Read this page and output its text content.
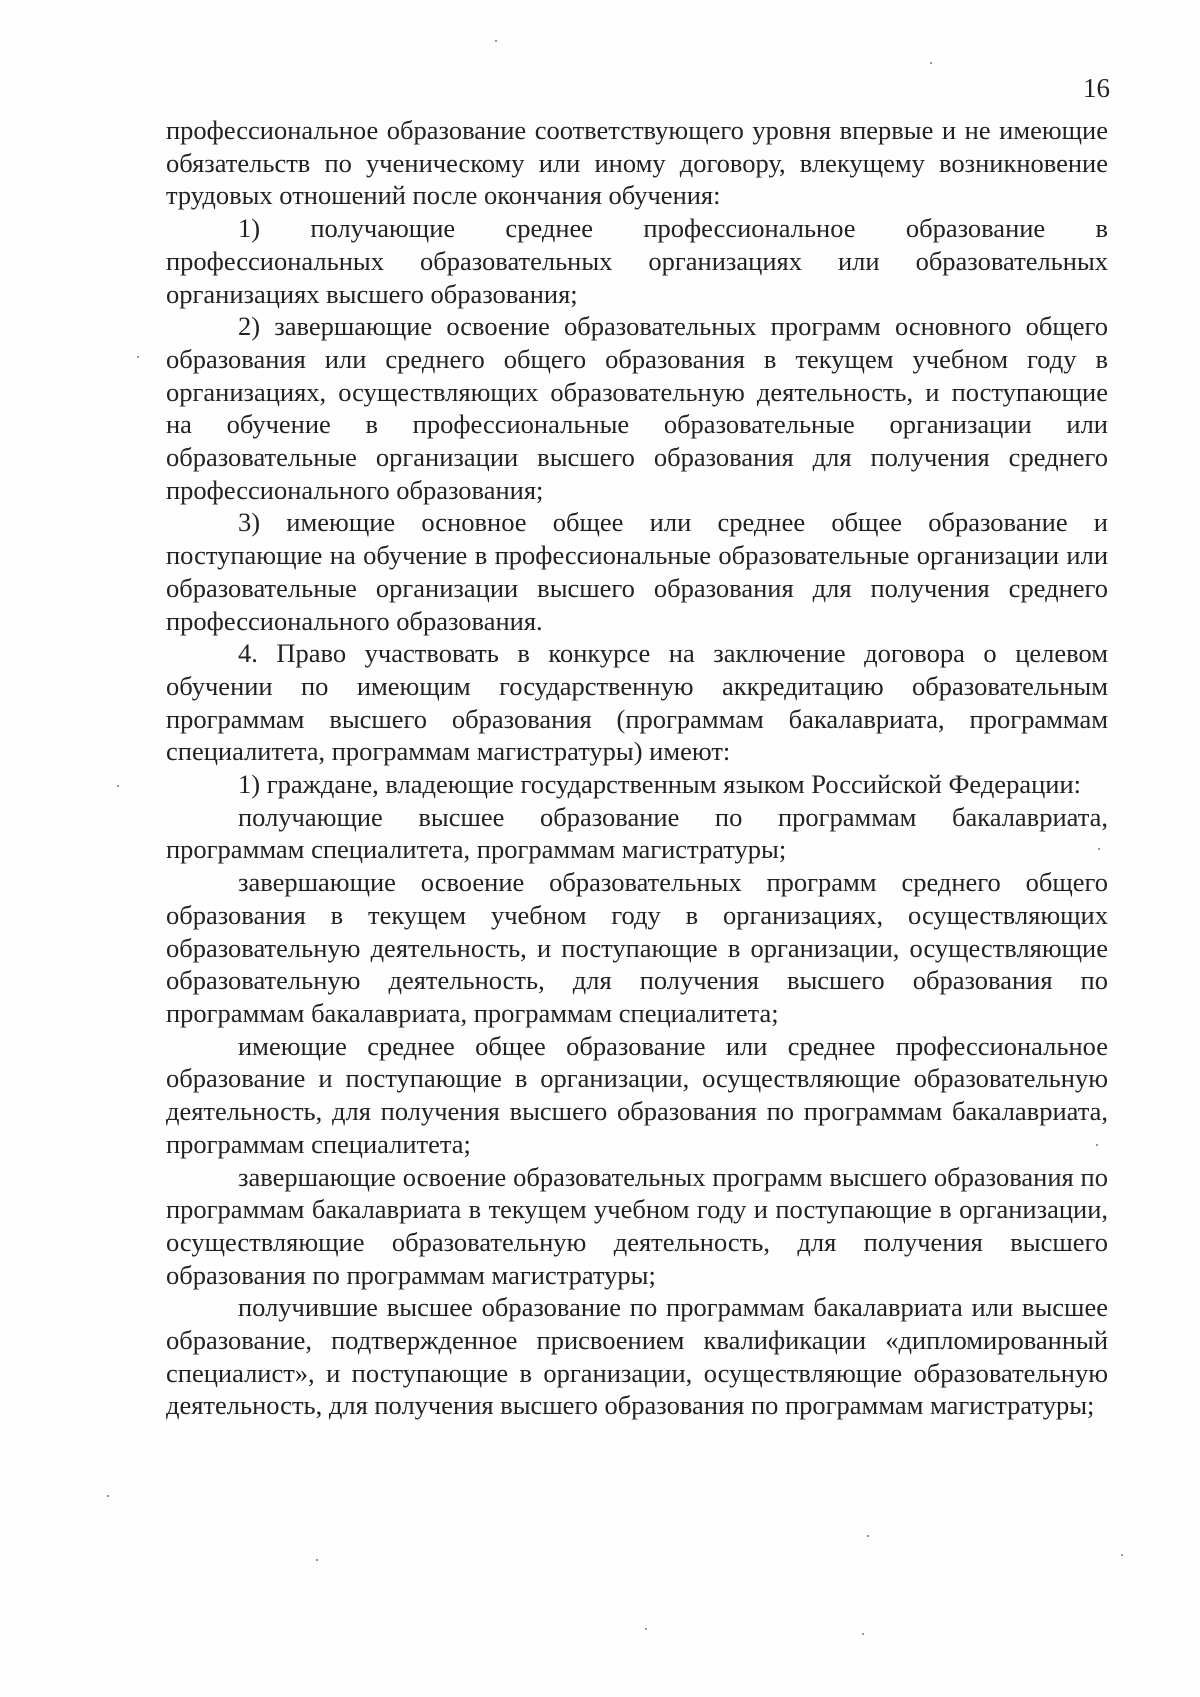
16

профессиональное образование соответствующего уровня впервые и не имеющие обязательств по ученическому или иному договору, влекущему возникновение трудовых отношений после окончания обучения:

1) получающие среднее профессиональное образование в профессиональных образовательных организациях или образовательных организациях высшего образования;

2) завершающие освоение образовательных программ основного общего образования или среднего общего образования в текущем учебном году в организациях, осуществляющих образовательную деятельность, и поступающие на обучение в профессиональные образовательные организации или образовательные организации высшего образования для получения среднего профессионального образования;

3) имеющие основное общее или среднее общее образование и поступающие на обучение в профессиональные образовательные организации или образовательные организации высшего образования для получения среднего профессионального образования.

4. Право участвовать в конкурсе на заключение договора о целевом обучении по имеющим государственную аккредитацию образовательным программам высшего образования (программам бакалавриата, программам специалитета, программам магистратуры) имеют:

1) граждане, владеющие государственным языком Российской Федерации:

получающие высшее образование по программам бакалавриата, программам специалитета, программам магистратуры;

завершающие освоение образовательных программ среднего общего образования в текущем учебном году в организациях, осуществляющих образовательную деятельность, и поступающие в организации, осуществляющие образовательную деятельность, для получения высшего образования по программам бакалавриата, программам специалитета;

имеющие среднее общее образование или среднее профессиональное образование и поступающие в организации, осуществляющие образовательную деятельность, для получения высшего образования по программам бакалавриата, программам специалитета;

завершающие освоение образовательных программ высшего образования по программам бакалавриата в текущем учебном году и поступающие в организации, осуществляющие образовательную деятельность, для получения высшего образования по программам магистратуры;

получившие высшее образование по программам бакалавриата или высшее образование, подтвержденное присвоением квалификации «дипломированный специалист», и поступающие в организации, осуществляющие образовательную деятельность, для получения высшего образования по программам магистратуры;
